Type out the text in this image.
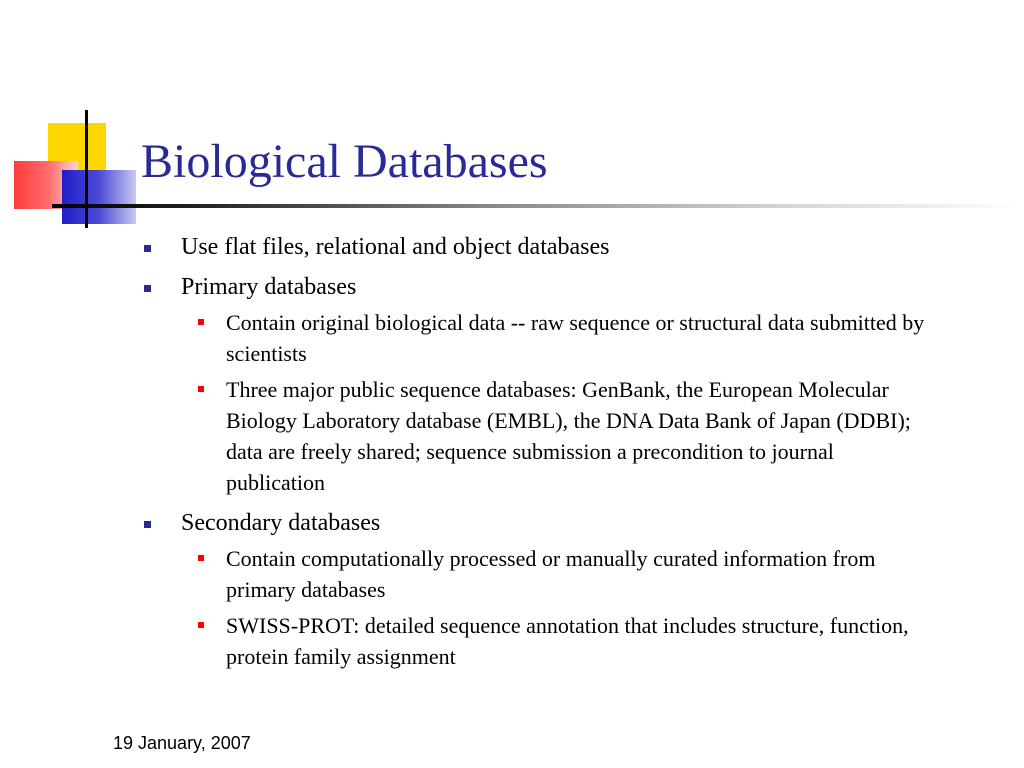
Biological Databases
Use flat files, relational and object databases
Primary databases
Contain original biological data -- raw sequence or structural data submitted by scientists
Three major public sequence databases: GenBank, the European Molecular Biology Laboratory database (EMBL), the DNA Data Bank of Japan (DDBI); data are freely shared; sequence submission a precondition to journal publication
Secondary databases
Contain computationally processed or manually curated information from primary databases
SWISS-PROT: detailed sequence annotation that includes structure, function, protein family assignment
19 January, 2007
